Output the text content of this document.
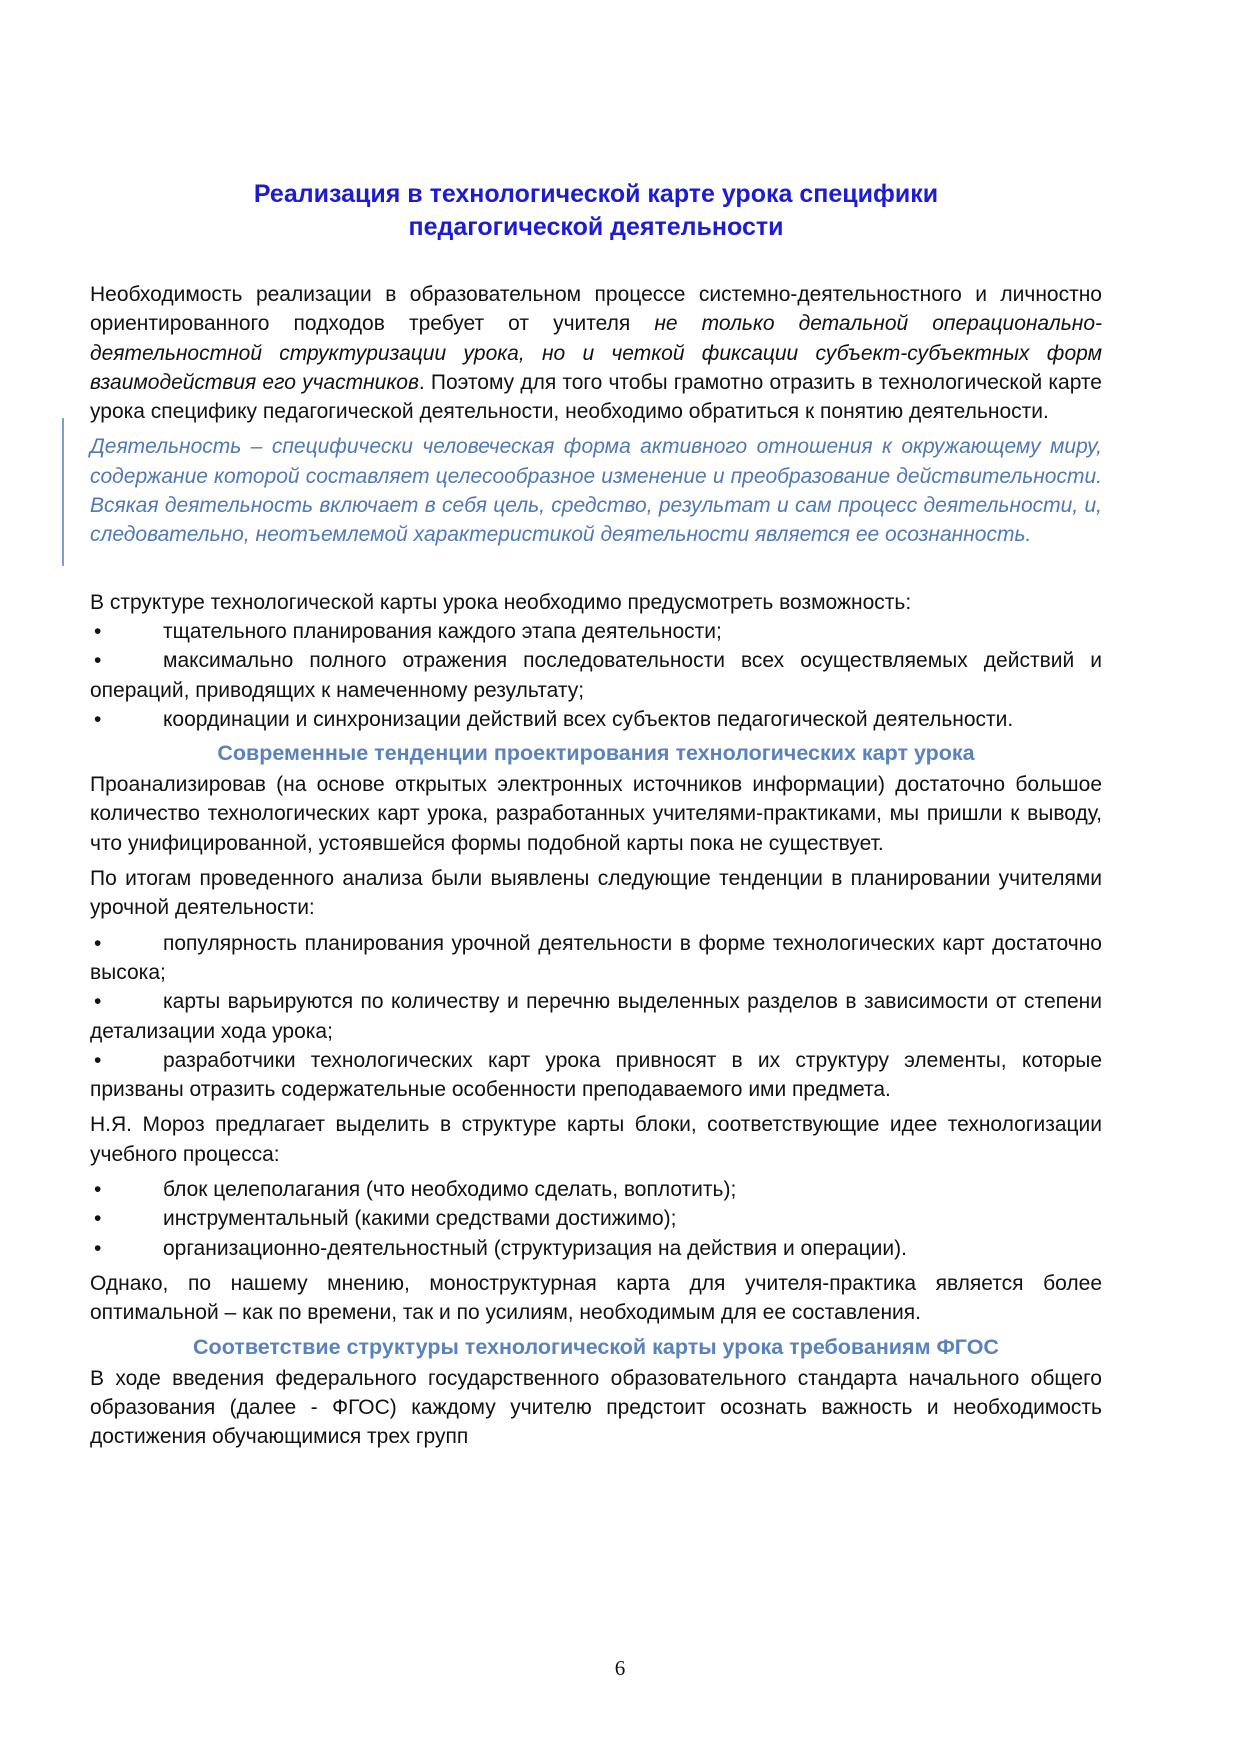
Реализация в технологической карте урока специфики
педагогической деятельности

Необходимость реализации в образовательном процессе системно-деятельностного и личностно ориентированного подходов требует от учителя не только детальной операционально-деятельностной структуризации урока, но и четкой фиксации субъект-субъектных форм взаимодействия его участников. Поэтому для того чтобы грамотно отразить в технологической карте урока специфику педагогической деятельности, необходимо обратиться к понятию деятельности.

Деятельность – специфически человеческая форма активного отношения к окружающему миру, содержание которой составляет целесообразное изменение и преобразование действительности. Всякая деятельность включает в себя цель, средство, результат и сам процесс деятельности, и, следовательно, неотъемлемой характеристикой деятельности является ее осознанность.

В структуре технологической карты урока необходимо предусмотреть возможность:

•	тщательного планирования каждого этапа деятельности;

•	максимально полного отражения последовательности всех осуществляемых действий и операций, приводящих к намеченному результату;

•	координации и синхронизации действий всех субъектов педагогической деятельности.

Современные тенденции проектирования технологических карт урока

Проанализировав (на основе открытых электронных источников информации) достаточно большое количество технологических карт урока, разработанных учителями-практиками, мы пришли к выводу, что унифицированной, устоявшейся формы подобной карты пока не существует.

По итогам проведенного анализа были выявлены следующие тенденции в планировании учителями урочной деятельности:

•	популярность планирования урочной деятельности в форме технологических карт достаточно высока;

•	карты варьируются по количеству и перечню выделенных разделов в зависимости от степени детализации хода урока;

•	разработчики технологических карт урока привносят в их структуру элементы, которые призваны отразить содержательные особенности преподаваемого ими предмета.

Н.Я. Мороз предлагает выделить в структуре карты блоки, соответствующие идее технологизации учебного процесса:

•	блок целеполагания (что необходимо сделать, воплотить);

•	инструментальный (какими средствами достижимо);

•	организационно-деятельностный (структуризация на действия и операции).

Однако, по нашему мнению, моноструктурная карта для учителя-практика является более оптимальной – как по времени, так и по усилиям, необходимым для ее составления.

Соответствие структуры технологической карты урока требованиям ФГОС

В ходе введения федерального государственного образовательного стандарта начального общего образования (далее - ФГОС) каждому учителю предстоит осознать важность и необходимость достижения обучающимися трех групп

6
